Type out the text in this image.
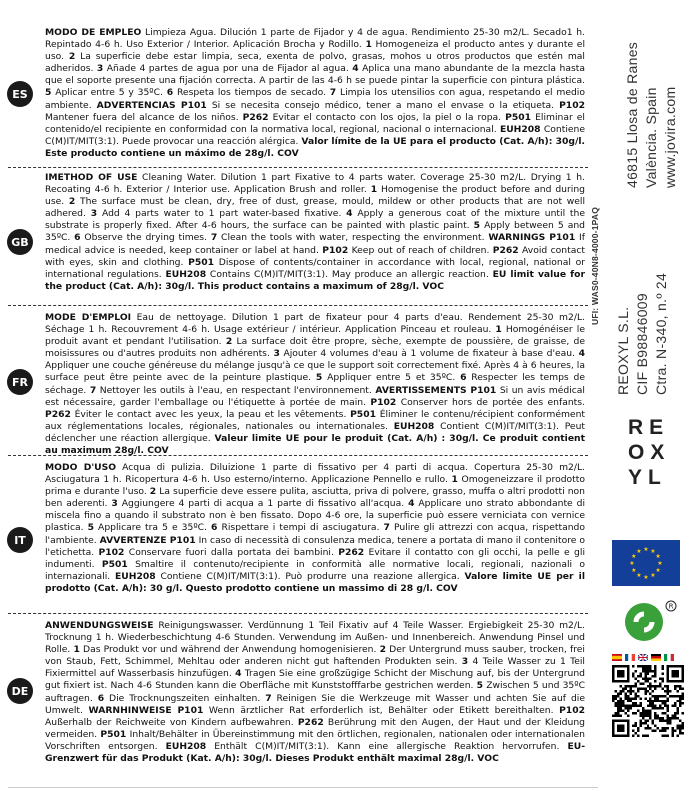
ES
MODO DE EMPLEO Limpieza Agua. Dilución 1 parte de Fijador y 4 de agua. Rendimiento 25-30 m2/L. Secado1 h. Repintado 4-6 h. Uso Exterior / Interior. Aplicación Brocha y Rodillo. 1 Homogeneiza el producto antes y durante el uso. 2 La superficie debe estar limpia, seca, exenta de polvo, grasas, mohos u otros productos que estén mal adheridos. 3 Añade 4 partes de agua por una de Fijador al agua. 4 Aplica una mano abundante de la mezcla hasta que el soporte presente una fijación correcta. A partir de las 4-6 h se puede pintar la superficie con pintura plástica. 5 Aplicar entre 5 y 35ºC. 6 Respeta los tiempos de secado. 7 Limpia los utensilios con agua, respetando el medio ambiente. ADVERTENCIAS P101 Si se necesita consejo médico, tener a mano el envase o la etiqueta. P102 Mantener fuera del alcance de los niños. P262 Evitar el contacto con los ojos, la piel o la ropa. P501 Eliminar el contenido/el recipiente en conformidad con la normativa local, regional, nacional o internacional. EUH208 Contiene C(M)IT/MIT(3:1). Puede provocar una reacción alérgica. Valor límite de la UE para el producto (Cat. A/h): 30g/l. Este producto contiene un máximo de 28g/l. COV
GB
IMETHOD OF USE Cleaning Water. Dilution 1 part Fixative to 4 parts water. Coverage 25-30 m2/L. Drying 1 h. Recoating 4-6 h. Exterior / Interior use. Application Brush and roller. 1 Homogenise the product before and during use. 2 The surface must be clean, dry, free of dust, grease, mould, mildew or other products that are not well adhered. 3 Add 4 parts water to 1 part water-based fixative. 4 Apply a generous coat of the mixture until the substrate is properly fixed. After 4-6 hours, the surface can be painted with plastic paint. 5 Apply between 5 and 35ºC. 6 Observe the drying times. 7 Clean the tools with water, respecting the environment. WARNINGS P101 If medical advice is needed, keep container or label at hand. P102 Keep out of reach of children. P262 Avoid contact with eyes, skin and clothing. P501 Dispose of contents/container in accordance with local, regional, national or international regulations. EUH208 Contains C(M)IT/MIT(3:1). May produce an allergic reaction. EU limit value for the product (Cat. A/h): 30g/l. This product contains a maximum of 28g/l. VOC
FR
MODE D'EMPLOI Eau de nettoyage. Dilution 1 part de fixateur pour 4 parts d'eau. Rendement 25-30 m2/L. Séchage 1 h. Recouvrement 4-6 h. Usage extérieur / intérieur. Application Pinceau et rouleau. 1 Homogénéiser le produit avant et pendant l'utilisation. 2 La surface doit être propre, sèche, exempte de poussière, de graisse, de moisissures ou d'autres produits non adhérents. 3 Ajouter 4 volumes d'eau à 1 volume de fixateur à base d'eau. 4 Appliquer une couche généreuse du mélange jusqu'à ce que le support soit correctement fixé. Après 4 à 6 heures, la surface peut être peinte avec de la peinture plastique. 5 Appliquer entre 5 et 35ºC. 6 Respecter les temps de séchage. 7 Nettoyer les outils à l'eau, en respectant l'environnement. AVERTISSEMENTS P101 Si un avis médical est nécessaire, garder l'emballage ou l'étiquette à portée de main. P102 Conserver hors de portée des enfants. P262 Éviter le contact avec les yeux, la peau et les vêtements. P501 Éliminer le contenu/récipient conformément aux réglementations locales, régionales, nationales ou internationales. EUH208 Contient C(M)IT/MIT(3:1). Peut déclencher une réaction allergique. Valeur limite UE pour le produit (Cat. A/h) : 30g/l. Ce produit contient au maximum 28g/l. COV
IT
MODO D'USO Acqua di pulizia. Diluizione 1 parte di fissativo per 4 parti di acqua. Copertura 25-30 m2/L. Asciugatura 1 h. Ricopertura 4-6 h. Uso esterno/interno. Applicazione Pennello e rullo. 1 Omogeneizzare il prodotto prima e durante l'uso. 2 La superficie deve essere pulita, asciutta, priva di polvere, grasso, muffa o altri prodotti non ben aderenti. 3 Aggiungere 4 parti di acqua a 1 parte di fissativo all'acqua. 4 Applicare uno strato abbondante di miscela fino a quando il substrato non è ben fissato. Dopo 4-6 ore, la superficie può essere verniciata con vernice plastica. 5 Applicare tra 5 e 35ºC. 6 Rispettare i tempi di asciugatura. 7 Pulire gli attrezzi con acqua, rispettando l'ambiente. AVVERTENZE P101 In caso di necessità di consulenza medica, tenere a portata di mano il contenitore o l'etichetta. P102 Conservare fuori dalla portata dei bambini. P262 Evitare il contatto con gli occhi, la pelle e gli indumenti. P501 Smaltire il contenuto/recipiente in conformità alle normative locali, regionali, nazionali o internazionali. EUH208 Contiene C(M)IT/MIT(3:1). Può produrre una reazione allergica. Valore limite UE per il prodotto (Cat. A/h): 30 g/l. Questo prodotto contiene un massimo di 28 g/l. COV
DE
ANWENDUNGSWEISE Reinigungswasser. Verdünnung 1 Teil Fixativ auf 4 Teile Wasser. Ergiebigkeit 25-30 m2/L. Trocknung 1 h. Wiederbeschichtung 4-6 Stunden. Verwendung im Außen- und Innenbereich. Anwendung Pinsel und Rolle. 1 Das Produkt vor und während der Anwendung homogenisieren. 2 Der Untergrund muss sauber, trocken, frei von Staub, Fett, Schimmel, Mehltau oder anderen nicht gut haftenden Produkten sein. 3 4 Teile Wasser zu 1 Teil Fixiermittel auf Wasserbasis hinzufügen. 4 Tragen Sie eine großzügige Schicht der Mischung auf, bis der Untergrund gut fixiert ist. Nach 4-6 Stunden kann die Oberfläche mit Kunststofffarbe gestrichen werden. 5 Zwischen 5 und 35ºC auftragen. 6 Die Trocknungszeiten einhalten. 7 Reinigen Sie die Werkzeuge mit Wasser und achten Sie auf die Umwelt. WARNHINWEISE P101 Wenn ärztlicher Rat erforderlich ist, Behälter oder Etikett bereithalten. P102 Außerhalb der Reichweite von Kindern aufbewahren. P262 Berührung mit den Augen, der Haut und der Kleidung vermeiden. P501 Inhalt/Behälter in Übereinstimmung mit den örtlichen, regionalen, nationalen oder internationalen Vorschriften entsorgen. EUH208 Enthält C(M)IT/MIT(3:1). Kann eine allergische Reaktion hervorrufen. EU-Grenzwert für das Produkt (Kat. A/h): 30g/l. Dieses Produkt enthält maximal 28g/l. VOC
UFI: WAS0-40N8-4000-1PAQ
REOXYL S.L. CIF B98846009 Ctra. N-340, n.º 24
46815 Llosa de Ranes València. Spain www.jovira.com
RE
OX
YL
★
★
★
★
★
★
★
★
★ ★ ★
★
R
